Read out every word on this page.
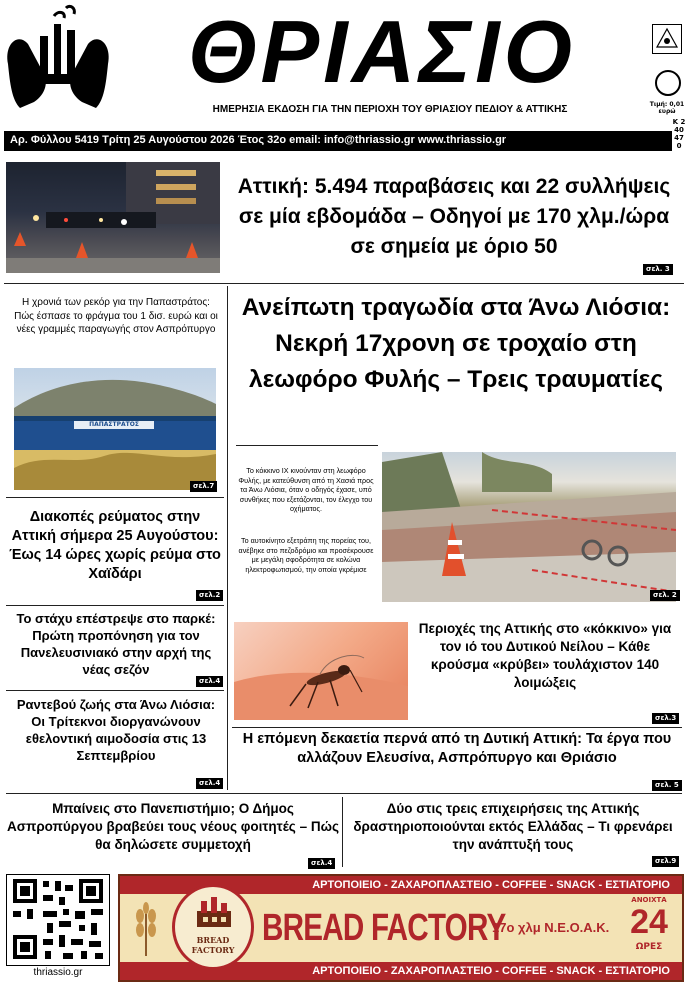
ΘΡΙΑΣΙΟ
ΗΜΕΡΗΣΙΑ ΕΚΔΟΣΗ ΓΙΑ ΤΗΝ ΠΕΡΙΟΧΗ ΤΟΥ ΘΡΙΑΣΙΟΥ ΠΕΔΙΟΥ & ΑΤΤΙΚΗΣ	Τιμή: 0,01 ευρώ
Αρ. Φύλλου 5419 Τρίτη 25 Αυγούστου 2026 Έτος 32ο email: info@thriassio.gr www.thriassio.gr
Κ 240470
Αττική: 5.494 παραβάσεις και 22 συλλήψεις σε μία εβδομάδα – Οδηγοί με 170 χλμ./ώρα σε σημεία με όριο 50
σελ. 3
Η χρονιά των ρεκόρ για την Παπαστράτος: Πώς έσπασε το φράγμα του 1 δισ. ευρώ και οι νέες γραμμές παραγωγής στον Ασπρόπυργο
ΠΑΠΑΣΤΡΑΤΟΣ
σελ.7
Διακοπές ρεύματος στην Αττική σήμερα 25 Αυγούστου: Έως 14 ώρες χωρίς ρεύμα στο Χαϊδάρι
σελ.2
Το στάχυ επέστρεψε στο παρκέ: Πρώτη προπόνηση για τον Πανελευσινιακό στην αρχή της νέας σεζόν
σελ.4
Ραντεβού ζωής στα Άνω Λιόσια: Οι Τρίτεκνοι διοργανώνουν εθελοντική αιμοδοσία στις 13 Σεπτεμβρίου
σελ.4
Ανείπωτη τραγωδία στα Άνω Λιόσια: Νεκρή 17χρονη σε τροχαίο στη λεωφόρο Φυλής – Τρεις τραυματίες
Το κόκκινο ΙΧ κινούνταν στη λεωφόρο Φυλής, με κατεύθυνση από τη Χασιά προς τα Άνω Λιόσια, όταν ο οδηγός έχασε, υπό συνθήκες που εξετάζονται, τον έλεγχο του οχήματος.
Το αυτοκίνητο εξετράπη της πορείας του, ανέβηκε στο πεζοδρόμιο και προσέκρουσε με μεγάλη σφοδρότητα σε κολώνα ηλεκτροφωτισμού, την οποία γκρέμισε
σελ. 2
Περιοχές της Αττικής στο «κόκκινο» για τον ιό του Δυτικού Νείλου – Κάθε κρούσμα «κρύβει» τουλάχιστον 140 λοιμώξεις
σελ.3
Η επόμενη δεκαετία περνά από τη Δυτική Αττική: Τα έργα που αλλάζουν Ελευσίνα, Ασπρόπυργο και Θριάσιο
σελ. 5
Μπαίνεις στο Πανεπιστήμιο; Ο Δήμος Ασπροπύργου βραβεύει τους νέους φοιτητές – Πώς θα δηλώσετε συμμετοχή
σελ.4
Δύο στις τρεις επιχειρήσεις της Αττικής δραστηριοποιούνται εκτός Ελλάδας – Τι φρενάρει την ανάπτυξή τους
σελ.9
thriassio.gr
ΑΡΤΟΠΟΙΕΙΟ - ΖΑΧΑΡΟΠΛΑΣΤΕΙΟ - COFFEE - SNACK - ΕΣΤΙΑΤΟΡΙΟ
ΑΡΤΟΠΟΙΕΙΟ - ΖΑΧΑΡΟΠΛΑΣΤΕΙΟ - COFFEE - SNACK - ΕΣΤΙΑΤΟΡΙΟ
BREAD
FACTORY
BREAD FACTORY
17ο χλμ Ν.Ε.Ο.Α.Κ.
ΑΝΟΙΧΤΑ
24
ΩΡΕΣ
